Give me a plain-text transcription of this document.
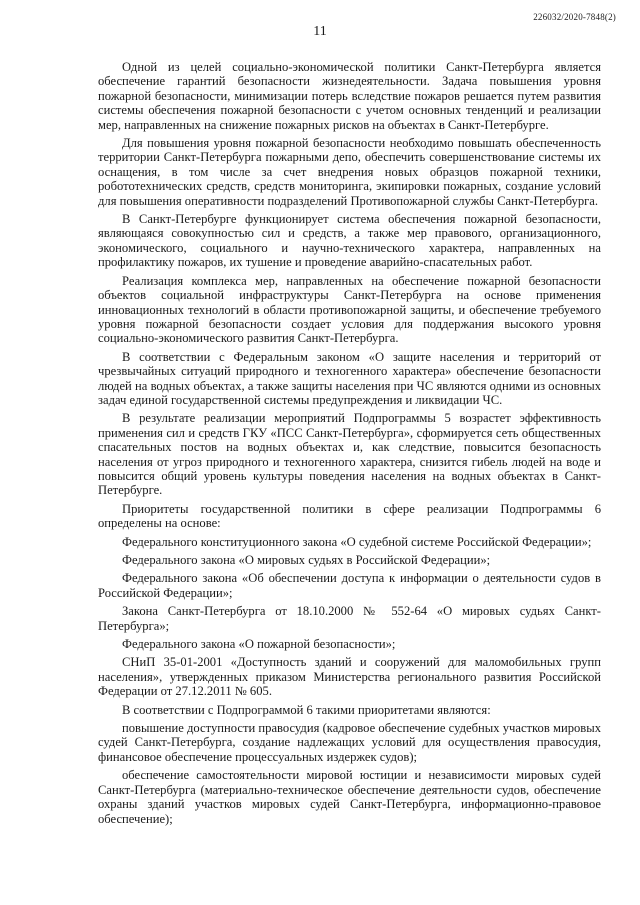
226032/2020-7848(2)
11

Одной из целей социально-экономической политики Санкт-Петербурга является обеспечение гарантий безопасности жизнедеятельности. Задача повышения уровня пожарной безопасности, минимизации потерь вследствие пожаров решается путем развития системы обеспечения пожарной безопасности с учетом основных тенденций и реализации мер, направленных на снижение пожарных рисков на объектах в Санкт-Петербурге.

Для повышения уровня пожарной безопасности необходимо повышать обеспеченность территории Санкт-Петербурга пожарными депо, обеспечить совершенствование системы их оснащения, в том числе за счет внедрения новых образцов пожарной техники, робототехнических средств, средств мониторинга, экипировки пожарных, создание условий для повышения оперативности подразделений Противопожарной службы Санкт-Петербурга.

В Санкт-Петербурге функционирует система обеспечения пожарной безопасности, являющаяся совокупностью сил и средств, а также мер правового, организационного, экономического, социального и научно-технического характера, направленных на профилактику пожаров, их тушение и проведение аварийно-спасательных работ.

Реализация комплекса мер, направленных на обеспечение пожарной безопасности объектов социальной инфраструктуры Санкт-Петербурга на основе применения инновационных технологий в области противопожарной защиты, и обеспечение требуемого уровня пожарной безопасности создает условия для поддержания высокого уровня социально-экономического развития Санкт-Петербурга.

В соответствии с Федеральным законом «О защите населения и территорий от чрезвычайных ситуаций природного и техногенного характера» обеспечение безопасности людей на водных объектах, а также защиты населения при ЧС являются одними из основных задач единой государственной системы предупреждения и ликвидации ЧС.

В результате реализации мероприятий Подпрограммы 5 возрастет эффективность применения сил и средств ГКУ «ПСС Санкт-Петербурга», сформируется сеть общественных спасательных постов на водных объектах и, как следствие, повысится безопасность населения от угроз природного и техногенного характера, снизится гибель людей на воде и повысится общий уровень культуры поведения населения на водных объектах в Санкт-Петербурге.

Приоритеты государственной политики в сфере реализации Подпрограммы 6 определены на основе:

Федерального конституционного закона «О судебной системе Российской Федерации»;

Федерального закона «О мировых судьях в Российской Федерации»;

Федерального закона «Об обеспечении доступа к информации о деятельности судов в Российской Федерации»;

Закона Санкт-Петербурга от 18.10.2000 № 552-64 «О мировых судьях Санкт-Петербурга»;

Федерального закона «О пожарной безопасности»;

СНиП 35-01-2001 «Доступность зданий и сооружений для маломобильных групп населения», утвержденных приказом Министерства регионального развития Российской Федерации от 27.12.2011 № 605.

В соответствии с Подпрограммой 6 такими приоритетами являются:

повышение доступности правосудия (кадровое обеспечение судебных участков мировых судей Санкт-Петербурга, создание надлежащих условий для осуществления правосудия, финансовое обеспечение процессуальных издержек судов);

обеспечение самостоятельности мировой юстиции и независимости мировых судей Санкт-Петербурга (материально-техническое обеспечение деятельности судов, обеспечение охраны зданий участков мировых судей Санкт-Петербурга, информационно-правовое обеспечение);
